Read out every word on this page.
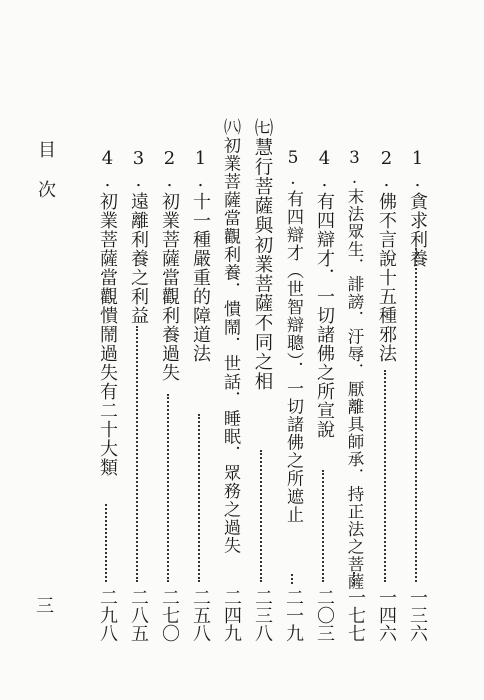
1.貪求利養
一三六
2.佛不言說十五種邪法
一四六
3.末法眾生．誹謗．汙辱．厭離具師承．持正法之菩薩
一七七
4.有四辯才．一切諸佛之所宣說
二〇三
5.有四辯才（世智辯聰）．一切諸佛之所遮止
二一九
㈦慧行菩薩與初業菩薩不同之相
二三八
㈧初業菩薩當觀利養．憒鬧．世話．睡眠．眾務之過失
二四九
1.十一種嚴重的障道法
二五八
2.初業菩薩當觀利養過失
二七〇
3.遠離利養之利益
二八五
4.初業菩薩當觀憒鬧過失有二十大類
二九八
目次
三
